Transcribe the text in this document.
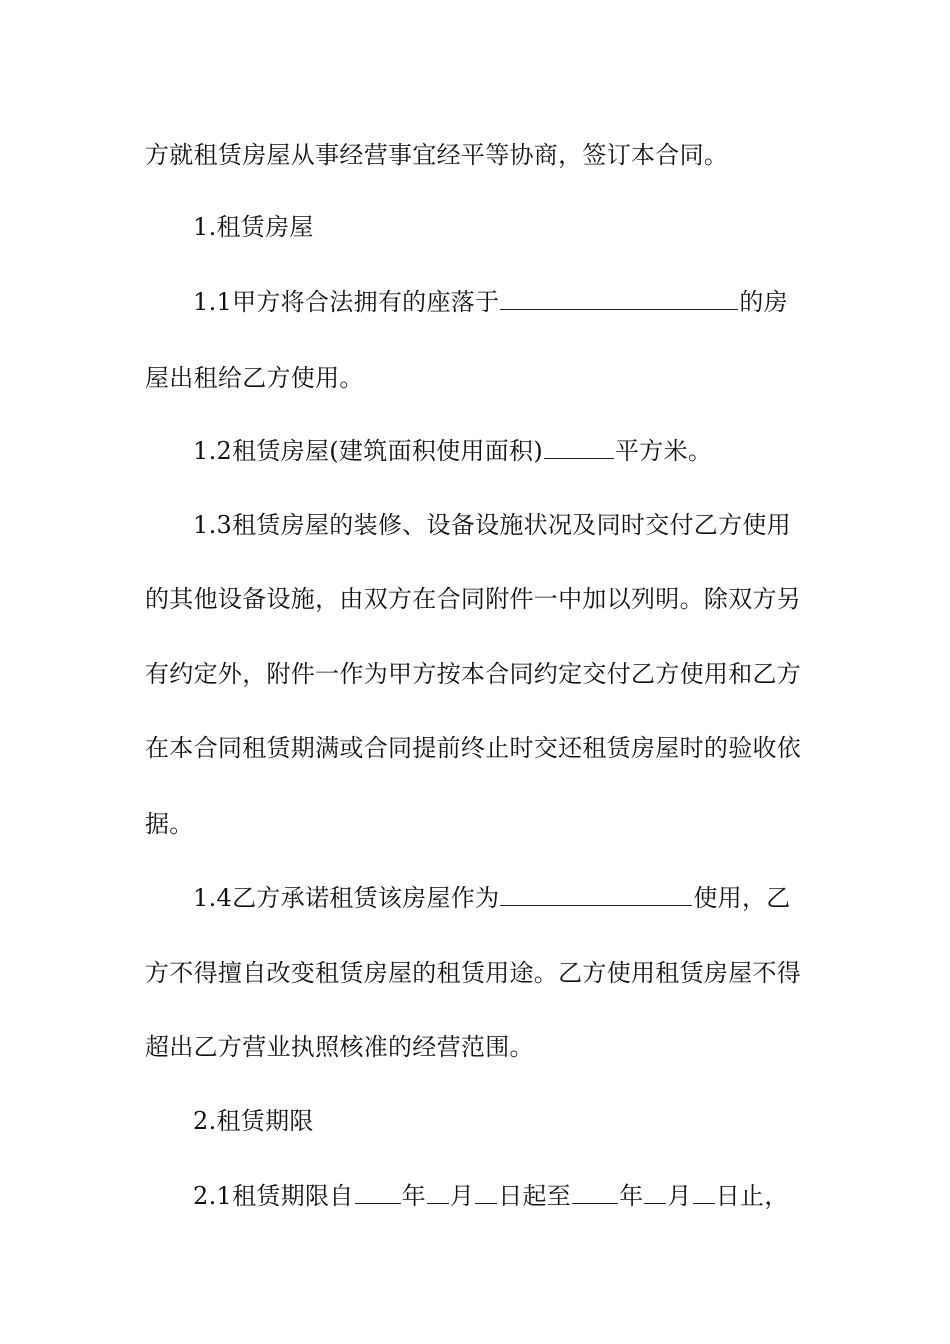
方就租赁房屋从事经营事宜经平等协商，签订本合同。
1.租赁房屋
1.1甲方将合法拥有的座落于	的房
屋出租给乙方使用。
1.2租赁房屋(建筑面积使用面积)	平方米。
1.3租赁房屋的装修、设备设施状况及同时交付乙方使用
的其他设备设施，由双方在合同附件一中加以列明。除双方另
有约定外，附件一作为甲方按本合同约定交付乙方使用和乙方
在本合同租赁期满或合同提前终止时交还租赁房屋时的验收依
据。
1.4乙方承诺租赁该房屋作为	使用，乙
方不得擅自改变租赁房屋的租赁用途。乙方使用租赁房屋不得
超出乙方营业执照核准的经营范围。
2.租赁期限
2.1租赁期限自 年 月 日起至 年 月 日止，
